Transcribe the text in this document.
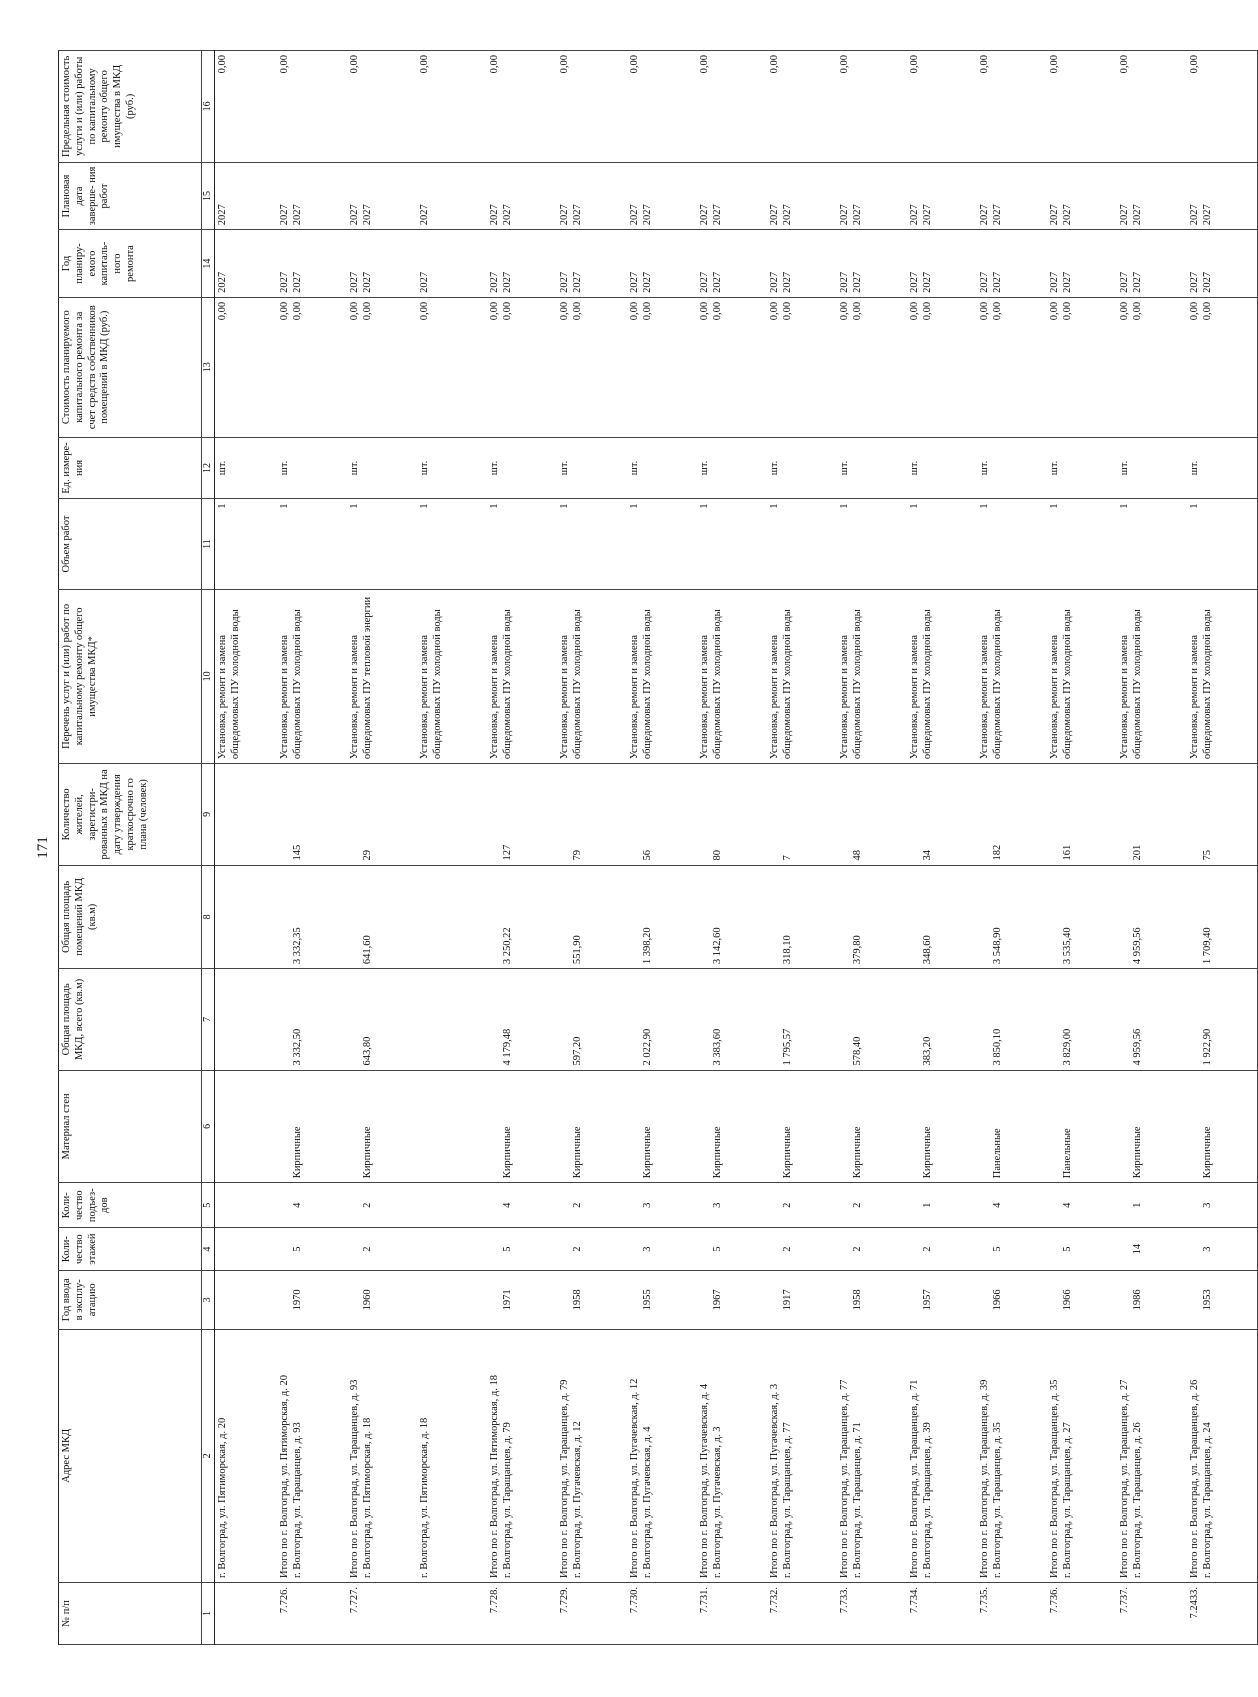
171
№ п/п	Адрес МКД	Год ввода в эксплу- атацию	Коли- чество этажей	Коли- чество подъез- дов	Материал стен	Общая площадь МКД, всего (кв.м)	Общая площадь помещений МКД (кв.м)	Количество жителей, зарегистри- рованных в МКД на дату утверждения краткосрочно го плана (человек)	Перечень услуг и (или) работ по капитальному ремонту общего имущества МКД*	Объем работ	Ед. измере- ния	Стоимость планируемого капитального ремонта за счет средств собственников помещений в МКД (руб.)	Год планиру- емого капиталь- ного ремонта	Плановая дата заверше- ния работ	Предельная стоимость услуги и (или) работы по капитальному ремонту общего имущества в МКД (руб.)
1	2	3	4	5	6	7	8	9	10	11	12	13	14	15	16

	г. Волгоград, ул. Пятиморская, д. 20								Установка, ремонт и замена общедомовых ПУ холодной воды	1	шт.	0,00	2027	2027	0,00

7.726.	Итого по г. Волгоград, ул. Пятиморская, д. 20 г. Волгоград, ул. Таращанцев, д. 93	1970	5	4	Кирпичные	3 332,50	3 332,35	145	Установка, ремонт и замена общедомовых ПУ холодной воды	1	шт.	0,00 0,00	2027 2027	2027 2027	0,00

7.727.	Итого по г. Волгоград, ул. Таращанцев, д. 93 г. Волгоград, ул. Пятиморская, д. 18	1960	2	2	Кирпичные	643,80	641,60	29	Установка, ремонт и замена общедомовых ПУ тепловой энергии	1	шт.	0,00 0,00	2027 2027	2027 2027	0,00

	г. Волгоград, ул. Пятиморская, д. 18								Установка, ремонт и замена общедомовых ПУ холодной воды	1	шт.	0,00	2027	2027	0,00

7.728.	Итого по г. Волгоград, ул. Пятиморская, д. 18 г. Волгоград, ул. Таращанцев, д. 79	1971	5	4	Кирпичные	4 179,48	3 250,22	127	Установка, ремонт и замена общедомовых ПУ холодной воды	1	шт.	0,00 0,00	2027 2027	2027 2027	0,00

7.729.	Итого по г. Волгоград, ул. Таращанцев, д. 79 г. Волгоград, ул. Пугачевская, д. 12	1958	2	2	Кирпичные	597,20	551,90	79	Установка, ремонт и замена общедомовых ПУ холодной воды	1	шт.	0,00 0,00	2027 2027	2027 2027	0,00

7.730.	Итого по г. Волгоград, ул. Пугачевская, д. 12 г. Волгоград, ул. Пугачевская, д. 4	1955	3	3	Кирпичные	2 022,90	1 398,20	56	Установка, ремонт и замена общедомовых ПУ холодной воды	1	шт.	0,00 0,00	2027 2027	2027 2027	0,00

7.731.	Итого по г. Волгоград, ул. Пугачевская, д. 4 г. Волгоград, ул. Пугачевская, д. 3	1967	5	3	Кирпичные	3 383,60	3 142,60	80	Установка, ремонт и замена общедомовых ПУ холодной воды	1	шт.	0,00 0,00	2027 2027	2027 2027	0,00

7.732.	Итого по г. Волгоград, ул. Пугачевская, д. 3 г. Волгоград, ул. Таращанцев, д. 77	1917	2	2	Кирпичные	1 795,57	318,10	7	Установка, ремонт и замена общедомовых ПУ холодной воды	1	шт.	0,00 0,00	2027 2027	2027 2027	0,00

7.733.	Итого по г. Волгоград, ул. Таращанцев, д. 77 г. Волгоград, ул. Таращанцев, д. 71	1958	2	2	Кирпичные	578,40	379,80	48	Установка, ремонт и замена общедомовых ПУ холодной воды	1	шт.	0,00 0,00	2027 2027	2027 2027	0,00

7.734.	Итого по г. Волгоград, ул. Таращанцев, д. 71 г. Волгоград, ул. Таращанцев, д. 39	1957	2	1	Кирпичные	383,20	348,60	34	Установка, ремонт и замена общедомовых ПУ холодной воды	1	шт.	0,00 0,00	2027 2027	2027 2027	0,00

7.735.	Итого по г. Волгоград, ул. Таращанцев, д. 39 г. Волгоград, ул. Таращанцев, д. 35	1966	5	4	Панельные	3 850,10	3 548,90	182	Установка, ремонт и замена общедомовых ПУ холодной воды	1	шт.	0,00 0,00	2027 2027	2027 2027	0,00

7.736.	Итого по г. Волгоград, ул. Таращанцев, д. 35 г. Волгоград, ул. Таращанцев, д. 27	1966	5	4	Панельные	3 829,00	3 535,40	161	Установка, ремонт и замена общедомовых ПУ холодной воды	1	шт.	0,00 0,00	2027 2027	2027 2027	0,00

7.737.	Итого по г. Волгоград, ул. Таращанцев, д. 27 г. Волгоград, ул. Таращанцев, д. 26	1986	14	1	Кирпичные	4 959,56	4 959,56	201	Установка, ремонт и замена общедомовых ПУ холодной воды	1	шт.	0,00 0,00	2027 2027	2027 2027	0,00

7.2433.	Итого по г. Волгоград, ул. Таращанцев, д. 26 г. Волгоград, ул. Таращанцев, д. 24	1953	3	3	Кирпичные	1 922,90	1 709,40	75	Установка, ремонт и замена общедомовых ПУ холодной воды	1	шт.	0,00 0,00	2027 2027	2027 2027	0,00
